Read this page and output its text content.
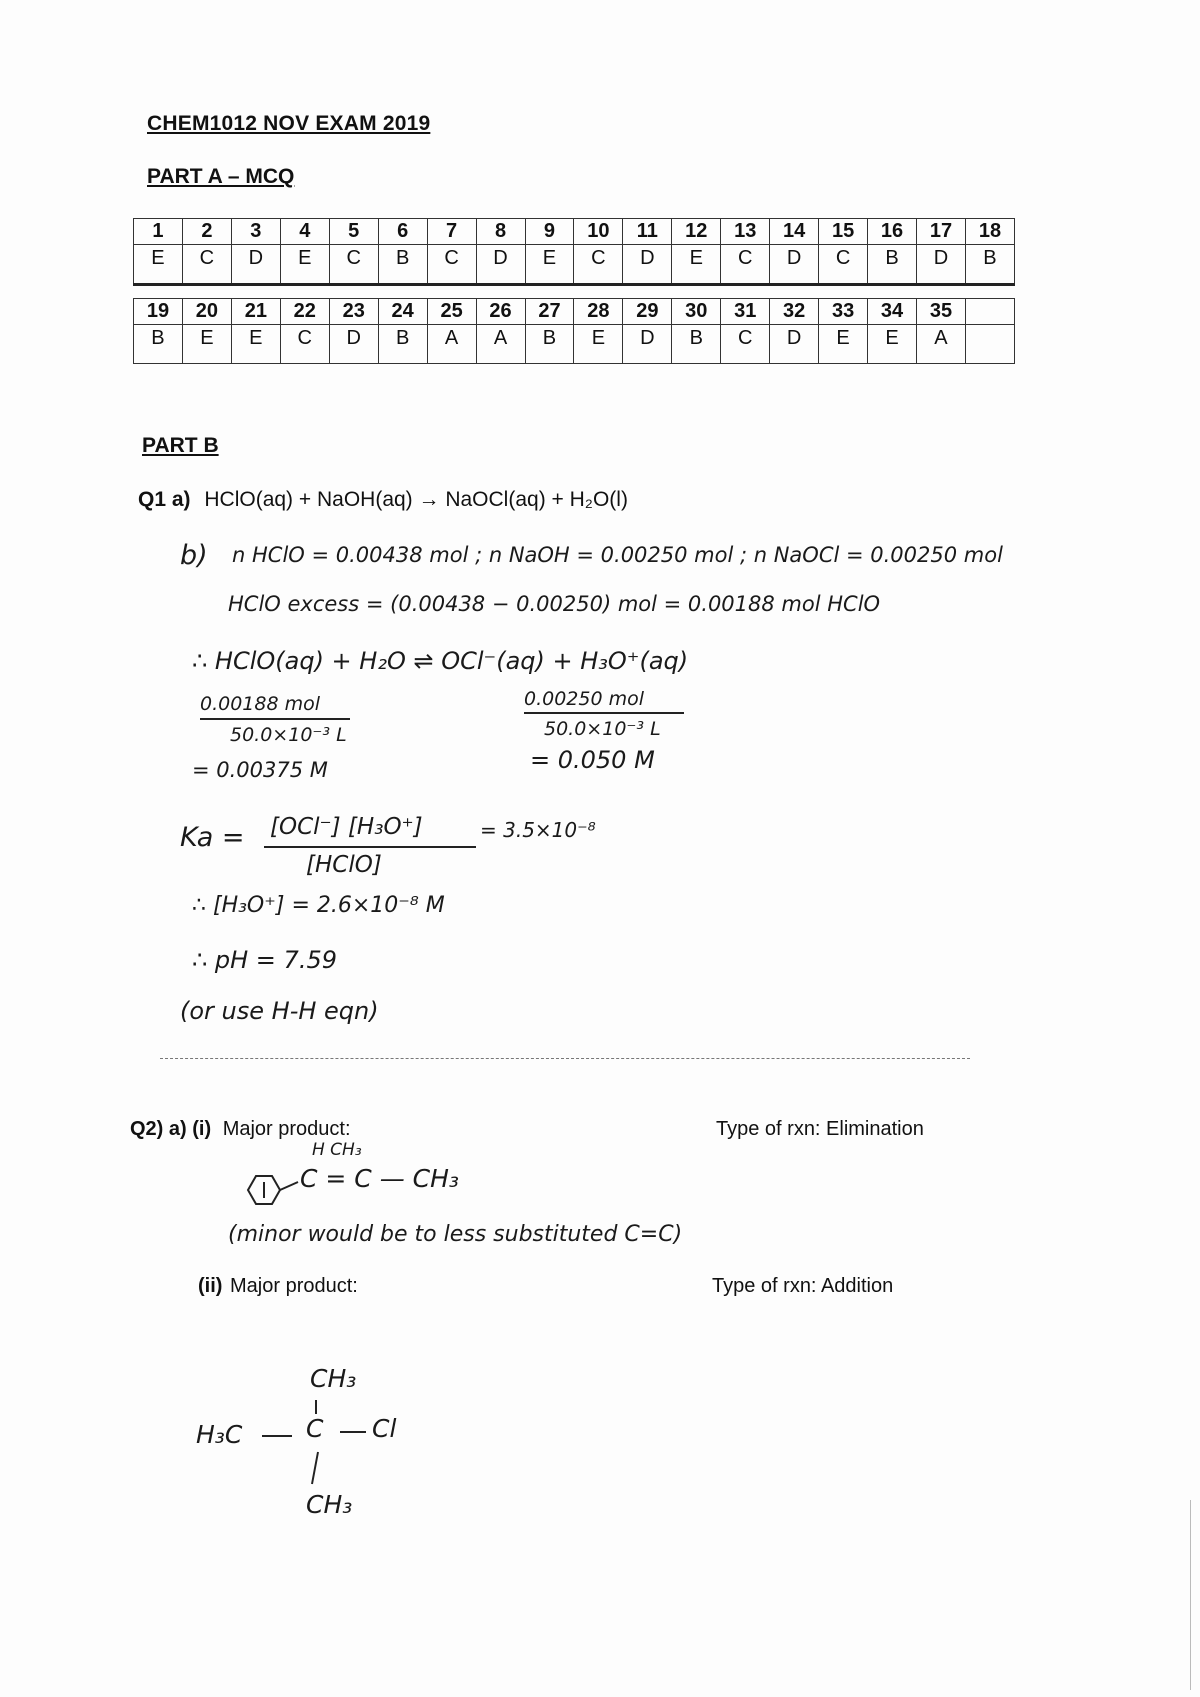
CHEM1012 NOV EXAM 2019
PART A – MCQ
1	2	3	4	5	6	7	8	9	10	11	12	13	14	15	16	17	18
E	C	D	E	C	B	C	D	E	C	D	E	C	D	C	B	D	B
19	20	21	22	23	24	25	26	27	28	29	30	31	32	33	34	35	
B	E	E	C	D	B	A	A	B	E	D	B	C	D	E	E	A	
PART B
Q1 a) HClO(aq) + NaOH(aq) → NaOCl(aq) + H₂O(l)
b) n HClO = 0.00438 mol ; n NaOH = 0.00250 mol ; n NaOCl = 0.00250 mol
HClO excess = (0.00438 − 0.00250) mol = 0.00188 mol HClO
∴ HClO(aq) + H₂O ⇌ OCl⁻(aq) + H₃O⁺(aq)
0.00188 mol
50.0×10⁻³ L
= 0.00375 M
0.00250 mol
50.0×10⁻³ L
= 0.050 M
Ka = [OCl⁻] [H₃O⁺]
[HClO]
= 3.5×10⁻⁸
∴ [H₃O⁺] = 2.6×10⁻⁸ M
∴ pH = 7.59
(or use H-H eqn)
Q2) a) (i) Major product:	Type of rxn: Elimination
H CH₃
C = C — CH₃
(minor would be to less substituted C=C)
(ii) Major product:	Type of rxn: Addition
CH₃
H₃C	C Cl
CH₃
